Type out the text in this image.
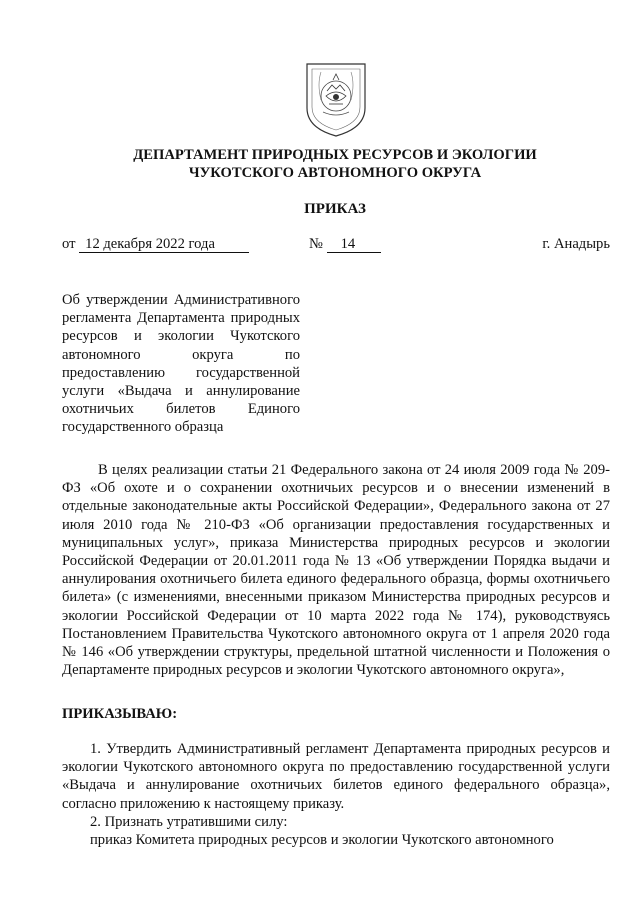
ДЕПАРТАМЕНТ ПРИРОДНЫХ РЕСУРСОВ И ЭКОЛОГИИ
ЧУКОТСКОГО АВТОНОМНОГО ОКРУГА
ПРИКАЗ
от 12 декабря 2022 года	№ 14	г. Анадырь
Об утверждении Административного регламента Департамента природных ресурсов и экологии Чукотского автономного округа по предоставлению государственной услуги «Выдача и аннулирование охотничьих билетов Единого государственного образца
В целях реализации статьи 21 Федерального закона от 24 июля 2009 года № 209-ФЗ «Об охоте и о сохранении охотничьих ресурсов и о внесении изменений в отдельные законодательные акты Российской Федерации», Федерального закона от 27 июля 2010 года № 210-ФЗ «Об организации предоставления государственных и муниципальных услуг», приказа Министерства природных ресурсов и экологии Российской Федерации от 20.01.2011 года № 13 «Об утверждении Порядка выдачи и аннулирования охотничьего билета единого федерального образца, формы охотничьего билета» (с изменениями, внесенными приказом Министерства природных ресурсов и экологии Российской Федерации от 10 марта 2022 года № 174), руководствуясь Постановлением Правительства Чукотского автономного округа от 1 апреля 2020 года № 146 «Об утверждении структуры, предельной штатной численности и Положения о Департаменте природных ресурсов и экологии Чукотского автономного округа»,
ПРИКАЗЫВАЮ:

1. Утвердить Административный регламент Департамента природных ресурсов и экологии Чукотского автономного округа по предоставлению государственной услуги «Выдача и аннулирование охотничьих билетов единого федерального образца», согласно приложению к настоящему приказу.

2. Признать утратившими силу:

приказ Комитета природных ресурсов и экологии Чукотского автономного
